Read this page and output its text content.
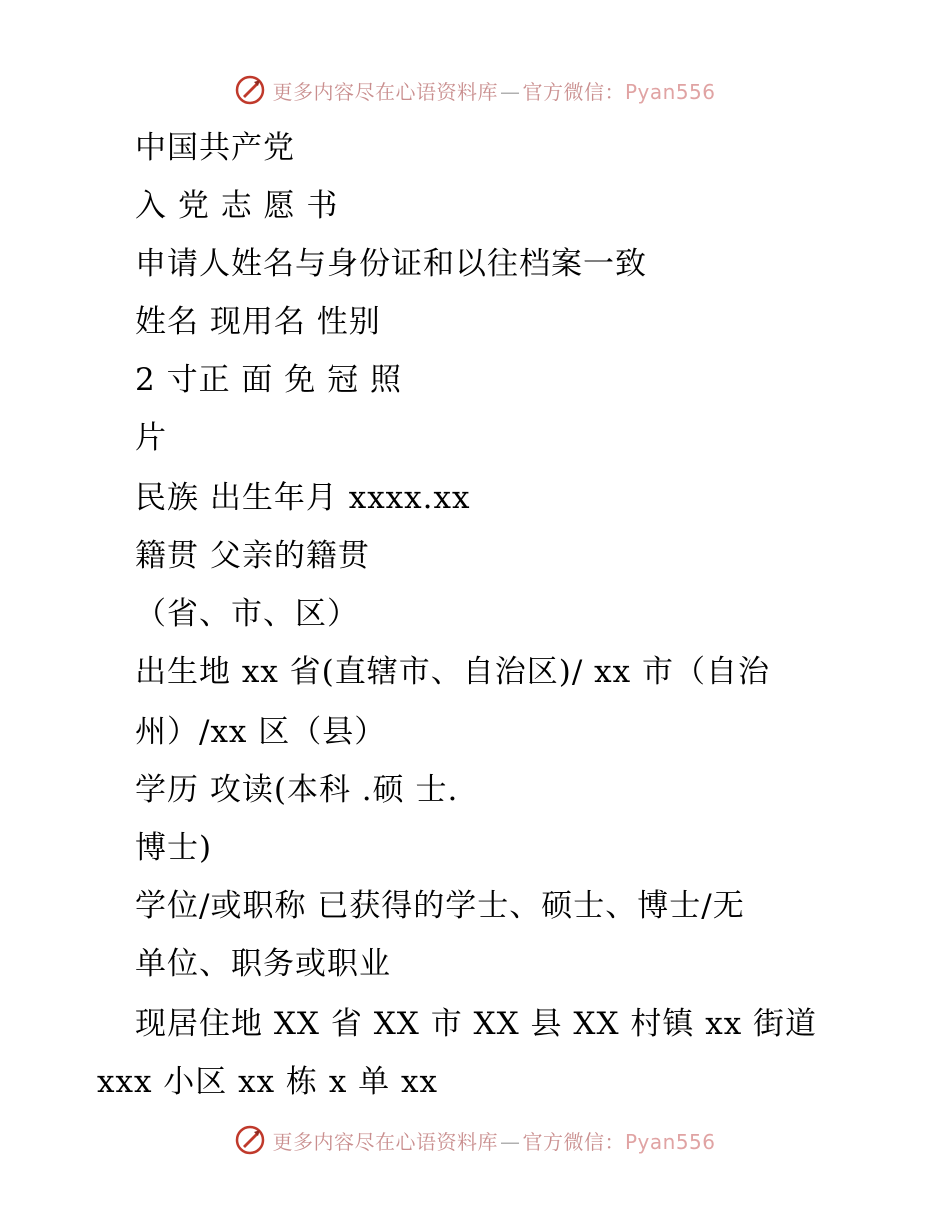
更多内容尽在心语资料库 — 官方微信：Pyan556
中国共产党
入 党 志 愿 书
申请人姓名与身份证和以往档案一致
姓名 现用名 性别
2 寸正 面 免 冠 照
片
民族 出生年月 xxxx.xx
籍贯 父亲的籍贯
（省、市、区）
出生地 xx 省(直辖市、自治区)/ xx 市（自治
州）/xx 区（县）
学历 攻读(本科 .硕 士.
博士)
学位/或职称 已获得的学士、硕士、博士/无
单位、职务或职业
现居住地 XX 省 XX 市 XX 县 XX 村镇 xx 街道
xxx 小区 xx 栋 x 单 xx
更多内容尽在心语资料库 — 官方微信：Pyan556
